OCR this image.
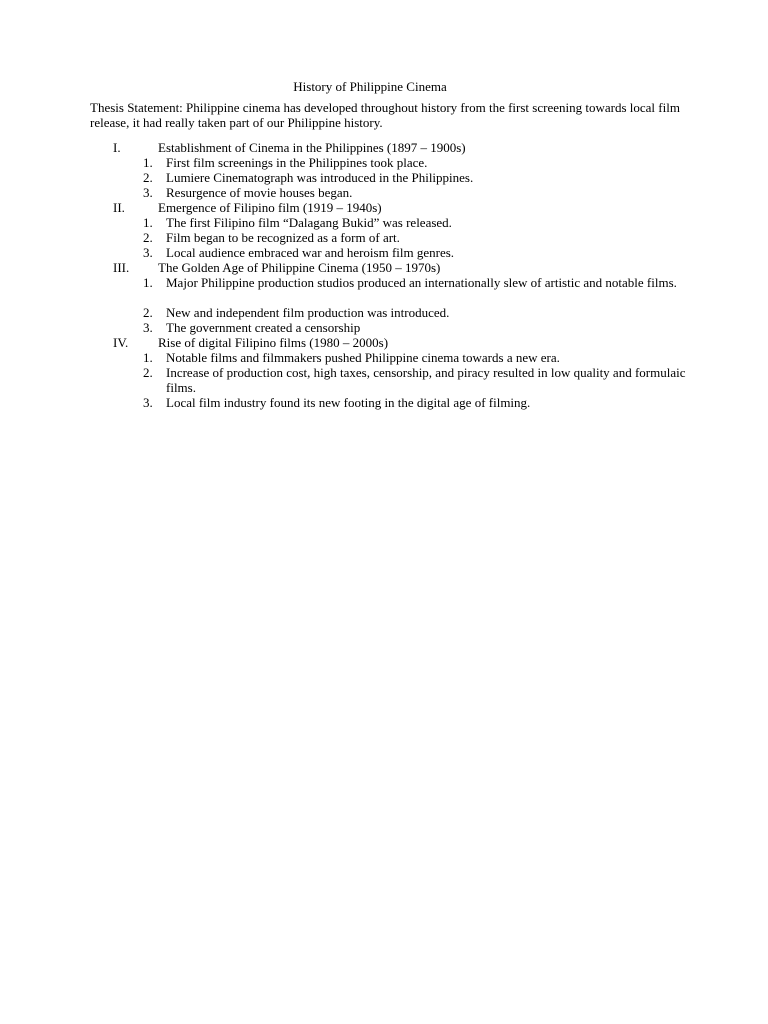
History of Philippine Cinema
Thesis Statement: Philippine cinema has developed throughout history from the first screening towards local film release, it had really taken part of our Philippine history.
I.	Establishment of Cinema in the Philippines (1897 – 1900s)
1. First film screenings in the Philippines took place.
2. Lumiere Cinematograph was introduced in the Philippines.
3. Resurgence of movie houses began.
II.	Emergence of Filipino film (1919 – 1940s)
1. The first Filipino film “Dalagang Bukid” was released.
2. Film began to be recognized as a form of art.
3. Local audience embraced war and heroism film genres.
III. The Golden Age of Philippine Cinema (1950 – 1970s)
1. Major Philippine production studios produced an internationally slew of artistic and notable films.
2. New and independent film production was introduced.
3. The government created a censorship
IV. Rise of digital Filipino films (1980 – 2000s)
1. Notable films and filmmakers pushed Philippine cinema towards a new era.
2. Increase of production cost, high taxes, censorship, and piracy resulted in low quality and formulaic films.
3. Local film industry found its new footing in the digital age of filming.
